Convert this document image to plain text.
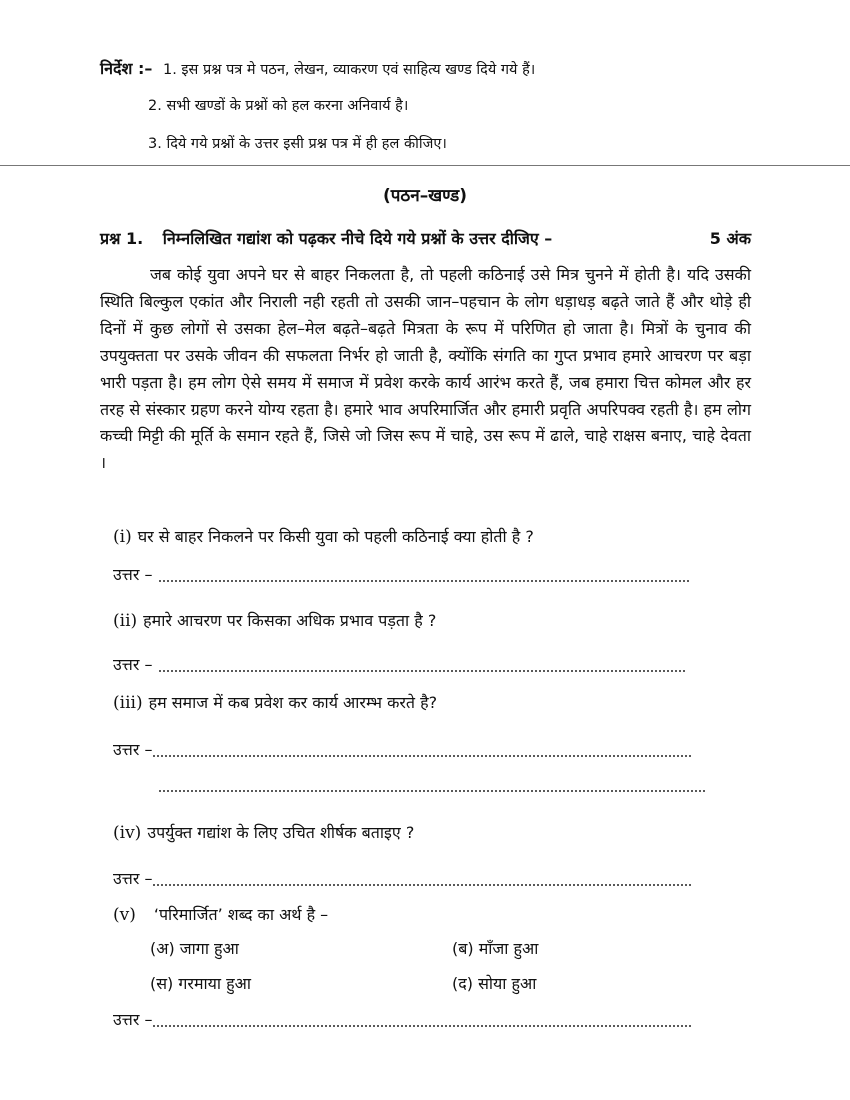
निर्देश :– 1. इस प्रश्न पत्र मे पठन, लेखन, व्याकरण एवं साहित्य खण्ड दिये गये हैं।
2. सभी खण्डों के प्रश्नों को हल करना अनिवार्य है।
3. दिये गये प्रश्नों के उत्तर इसी प्रश्न पत्र में ही हल कीजिए।
(पठन–खण्ड)
प्रश्न 1. निम्नलिखित गद्यांश को पढ़कर नीचे दिये गये प्रश्नों के उत्तर दीजिए –	5 अंक
जब कोई युवा अपने घर से बाहर निकलता है, तो पहली कठिनाई उसे मित्र चुनने में होती है। यदि उसकी स्थिति बिल्कुल एकांत और निराली नही रहती तो उसकी जान–पहचान के लोग धड़ाधड़ बढ़ते जाते हैं और थोड़े ही दिनों में कुछ लोगों से उसका हेल–मेल बढ़ते–बढ़ते मित्रता के रूप में परिणित हो जाता है। मित्रों के चुनाव की उपयुक्तता पर उसके जीवन की सफलता निर्भर हो जाती है, क्योंकि संगति का गुप्त प्रभाव हमारे आचरण पर बड़ा भारी पड़ता है। हम लोग ऐसे समय में समाज में प्रवेश करके कार्य आरंभ करते हैं, जब हमारा चित्त कोमल और हर तरह से संस्कार ग्रहण करने योग्य रहता है। हमारे भाव अपरिमार्जित और हमारी प्रवृति अपरिपक्व रहती है। हम लोग कच्ची मिट्टी की मूर्ति के समान रहते हैं, जिसे जो जिस रूप में चाहे, उस रूप में ढाले, चाहे राक्षस बनाए, चाहे देवता ।
(i) घर से बाहर निकलने पर किसी युवा को पहली कठिनाई क्या होती है ?
उत्तर –
(ii) हमारे आचरण पर किसका अधिक प्रभाव पड़ता है ?
उत्तर –
(iii) हम समाज में कब प्रवेश कर कार्य आरम्भ करते है?
उत्तर –
(iv) उपर्युक्त गद्यांश के लिए उचित शीर्षक बताइए ?
उत्तर –
(v) ‘परिमार्जित’ शब्द का अर्थ है –
(अ) जागा हुआ	(ब) माँजा हुआ
(स) गरमाया हुआ	(द) सोया हुआ
उत्तर –
